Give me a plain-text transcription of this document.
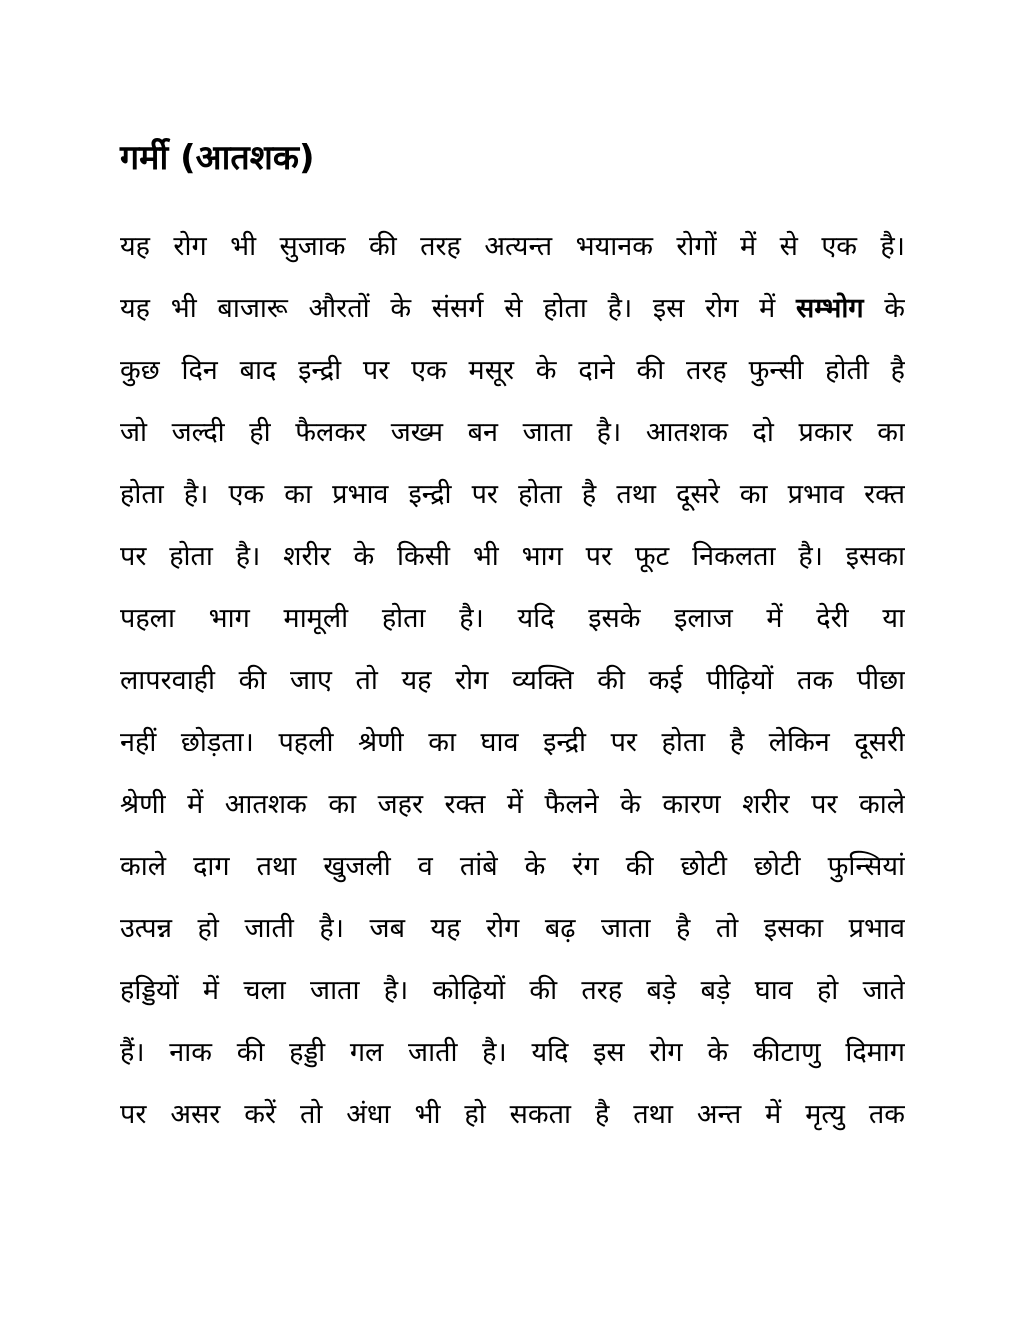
गर्मी (आतशक)
यह रोग भी सुजाक की तरह अत्यन्त भयानक रोगों में से एक है।
यह भी बाजारू औरतों के संसर्ग से होता है। इस रोग में सम्भोग के
कुछ दिन बाद इन्द्री पर एक मसूर के दाने की तरह फुन्सी होती है
जो जल्दी ही फैलकर जख्म बन जाता है। आतशक दो प्रकार का
होता है। एक का प्रभाव इन्द्री पर होता है तथा दूसरे का प्रभाव रक्त
पर होता है। शरीर के किसी भी भाग पर फूट निकलता है। इसका
पहला भाग मामूली होता है। यदि इसके इलाज में देरी या
लापरवाही की जाए तो यह रोग व्यक्ति की कई पीढ़ियों तक पीछा
नहीं छोड़ता। पहली श्रेणी का घाव इन्द्री पर होता है लेकिन दूसरी
श्रेणी में आतशक का जहर रक्त में फैलने के कारण शरीर पर काले
काले दाग तथा खुजली व तांबे के रंग की छोटी छोटी फुन्सियां
उत्पन्न हो जाती है। जब यह रोग बढ़ जाता है तो इसका प्रभाव
हड्डियों में चला जाता है। कोढ़ियों की तरह बड़े बड़े घाव हो जाते
हैं। नाक की हड्डी गल जाती है। यदि इस रोग के कीटाणु दिमाग
पर असर करें तो अंधा भी हो सकता है तथा अन्त में मृत्यु तक
